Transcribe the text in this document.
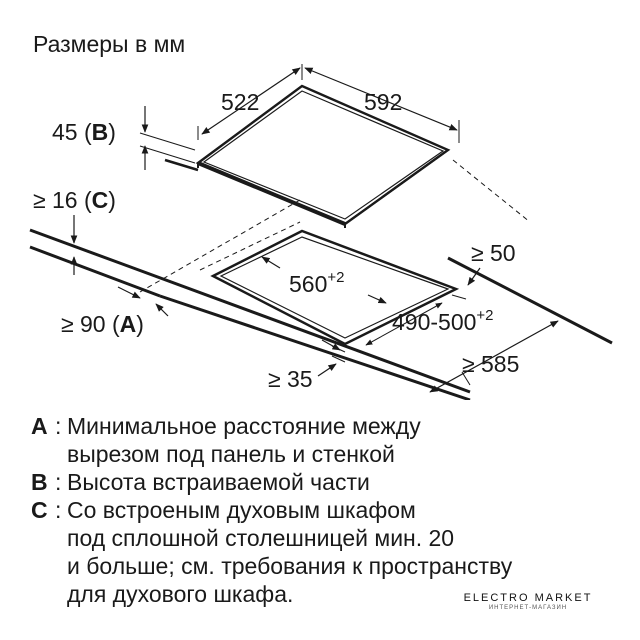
Размеры в мм
522	592
45 (B)
≥ 16 (C)
$560^{+2}$
$490-500^{+2}$
≥ 50
≥ 90 (A)
≥ 35
≥ 585
A : Минимальное расстояние между
вырезом под панель и стенкой
B : Высота встраиваемой части
C : Со встроеным духовым шкафом
под сплошной столешницей мин. 20
и больше; см. требования к пространству
для духового шкафа.	ELECTRO MARKET
ИНТЕРНЕТ-МАГАЗИН
